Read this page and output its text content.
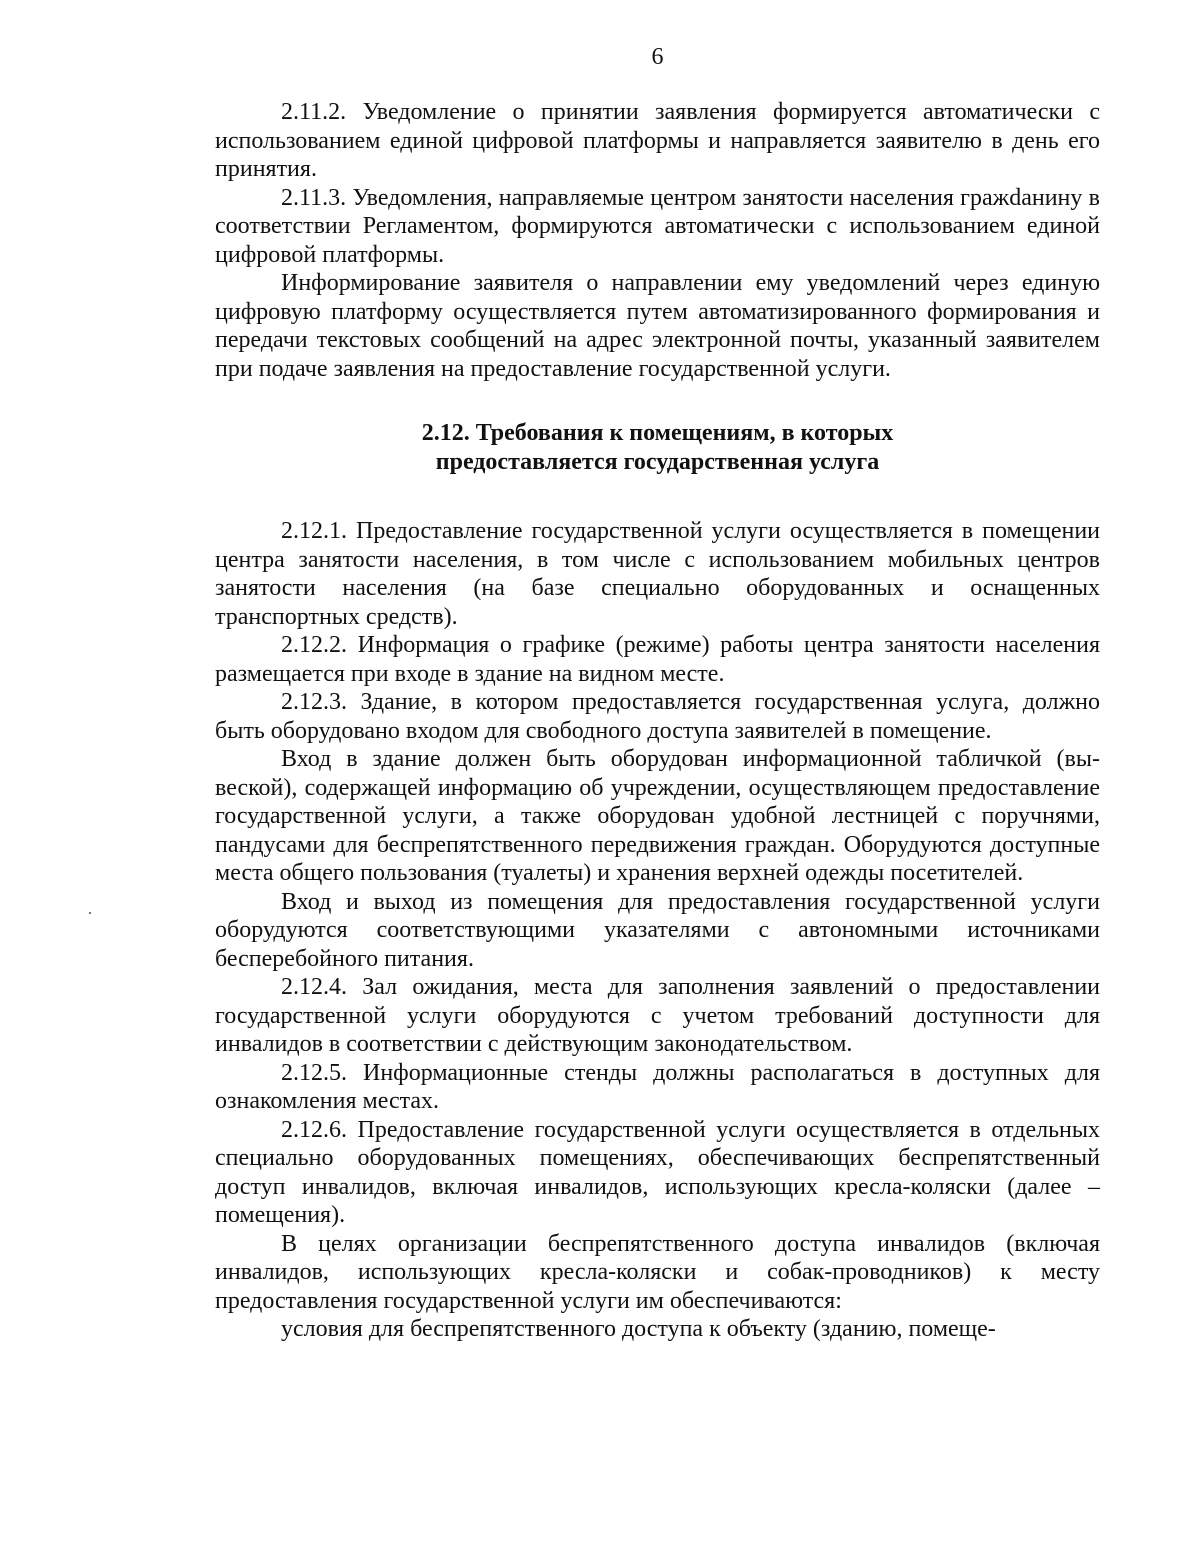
6

2.11.2. Уведомление о принятии заявления формируется автоматически с использованием единой цифровой платформы и направляется заявителю в день его принятия.

2.11.3. Уведомления, направляемые центром занятости населения гражdанину в соответствии Регламентом, формируются автоматически с использованием единой цифровой платформы.

Информирование заявителя о направлении ему уведомлений через единую цифровую платформу осуществляется путем автоматизированного формирования и передачи текстовых сообщений на адрес электронной почты, указанный заявителем при подаче заявления на предоставление государственной услуги.

2.12. Требования к помещениям, в которых
предоставляется государственная услуга

2.12.1. Предоставление государственной услуги осуществляется в помещении центра занятости населения, в том числе с использованием мобильных центров занятости населения (на базе специально оборудованных и оснащенных транспортных средств).

2.12.2. Информация о графике (режиме) работы центра занятости населения размещается при входе в здание на видном месте.

2.12.3. Здание, в котором предоставляется государственная услуга, должно быть оборудовано входом для свободного доступа заявителей в помещение.

Вход в здание должен быть оборудован информационной табличкой (вывеской), содержащей информацию об учреждении, осуществляющем предоставление государственной услуги, а также оборудован удобной лестницей с поручнями, пандусами для беспрепятственного передвижения граждан. Оборудуются доступные места общего пользования (туалеты) и хранения верхней одежды посетителей.

Вход и выход из помещения для предоставления государственной услуги оборудуются соответствующими указателями с автономными источниками бесперебойного питания.

2.12.4. Зал ожидания, места для заполнения заявлений о предоставлении государственной услуги оборудуются с учетом требований доступности для инвалидов в соответствии с действующим законодательством.

2.12.5. Информационные стенды должны располагаться в доступных для ознакомления местах.

2.12.6. Предоставление государственной услуги осуществляется в отдельных специально оборудованных помещениях, обеспечивающих беспрепятственный доступ инвалидов, включая инвалидов, использующих кресла-коляски (далее – помещения).

В целях организации беспрепятственного доступа инвалидов (включая инвалидов, использующих кресла-коляски и собак-проводников) к месту предоставления государственной услуги им обеспечиваются:

условия для беспрепятственного доступа к объекту (зданию, помеще-
